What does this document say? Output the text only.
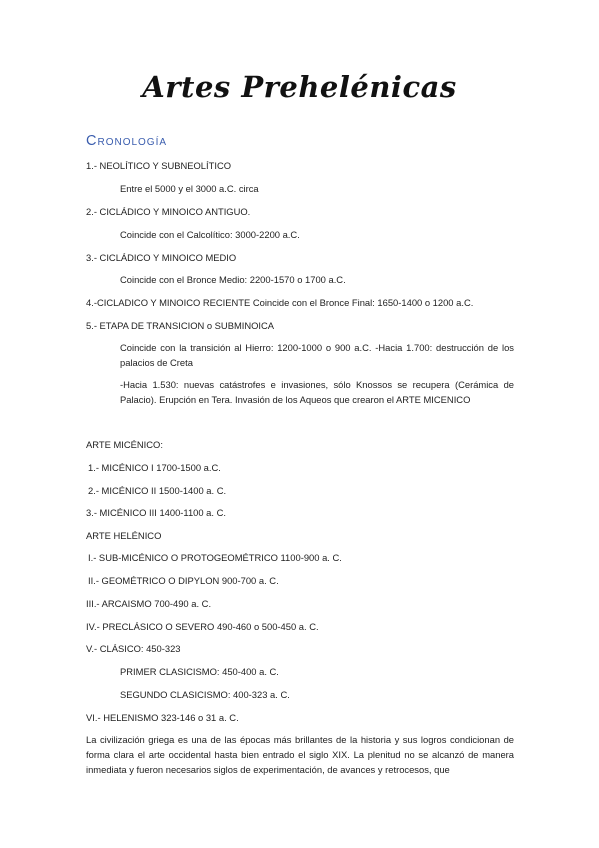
Artes Prehelénicas
Cronología
1.- NEOLÍTICO Y SUBNEOLÍTICO
Entre el 5000 y el 3000 a.C. circa
2.- CICLÁDICO Y MINOICO ANTIGUO.
Coincide con el Calcolítico: 3000-2200 a.C.
3.- CICLÁDICO Y MINOICO MEDIO
Coincide con el Bronce Medio: 2200-1570 o 1700 a.C.
4.-CICLADICO Y MINOICO RECIENTE Coincide con el Bronce Final: 1650-1400 o 1200 a.C.
5.- ETAPA DE TRANSICION o SUBMINOICA
Coincide con la transición al Hierro: 1200-1000 o 900 a.C. -Hacia 1.700: destrucción de los palacios de Creta
-Hacia 1.530: nuevas catástrofes e invasiones, sólo Knossos se recupera (Cerámica de Palacio). Erupción en Tera. Invasión de los Aqueos que crearon el ARTE MICENICO
ARTE MICÉNICO:
1.- MICÉNICO I 1700-1500 a.C.
2.- MICÉNICO II 1500-1400 a. C.
3.- MICÉNICO III 1400-1100 a. C.
ARTE HELÉNICO
I.- SUB-MICÉNICO O PROTOGEOMÉTRICO 1100-900 a. C.
II.- GEOMÉTRICO O DIPYLON 900-700 a. C.
III.- ARCAISMO 700-490 a. C.
IV.- PRECLÁSICO O SEVERO 490-460 o 500-450 a. C.
V.- CLÁSICO: 450-323
PRIMER CLASICISMO: 450-400 a. C.
SEGUNDO CLASICISMO: 400-323 a. C.
VI.- HELENISMO 323-146 o 31 a. C.
La civilización griega es una de las épocas más brillantes de la historia y sus logros condicionan de forma clara el arte occidental hasta bien entrado el siglo XIX. La plenitud no se alcanzó de manera inmediata y fueron necesarios siglos de experimentación, de avances y retrocesos, que
